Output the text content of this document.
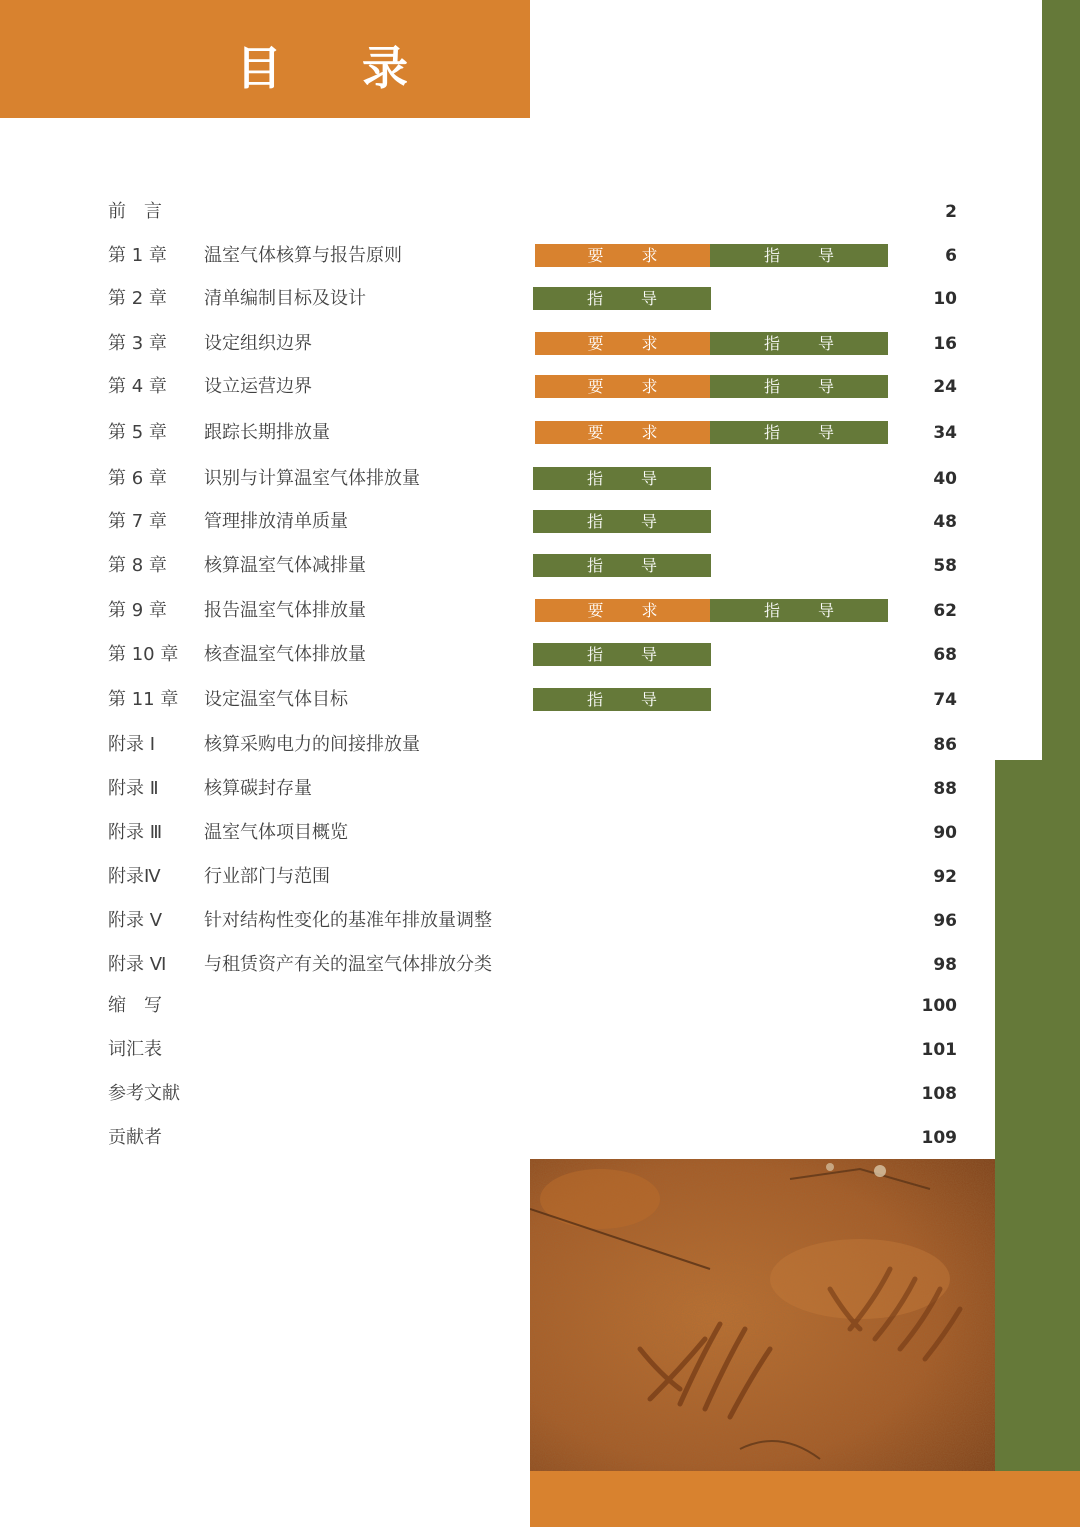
目 录
前　言	2
第 1 章 温室气体核算与报告原则	要求	指导	6
第 2 章 清单编制目标及设计	指导	10
第 3 章 设定组织边界	要求	指导	16
第 4 章 设立运营边界	要求	指导	24
第 5 章 跟踪长期排放量	要求	指导	34
第 6 章 识别与计算温室气体排放量	指导	40
第 7 章 管理排放清单质量	指导	48
第 8 章 核算温室气体减排量	指导	58
第 9 章 报告温室气体排放量	要求	指导	62
第 10 章 核查温室气体排放量	指导	68
第 11 章 设定温室气体目标	指导	74
附录 Ⅰ	核算采购电力的间接排放量	86
附录 Ⅱ	核算碳封存量	88
附录 Ⅲ 温室气体项目概览	90
附录Ⅳ 行业部门与范围	92
附录 Ⅴ 针对结构性变化的基准年排放量调整	96
附录 Ⅵ 与租赁资产有关的温室气体排放分类	98
缩　写	100
词汇表	101
参考文献	108
贡献者	109
